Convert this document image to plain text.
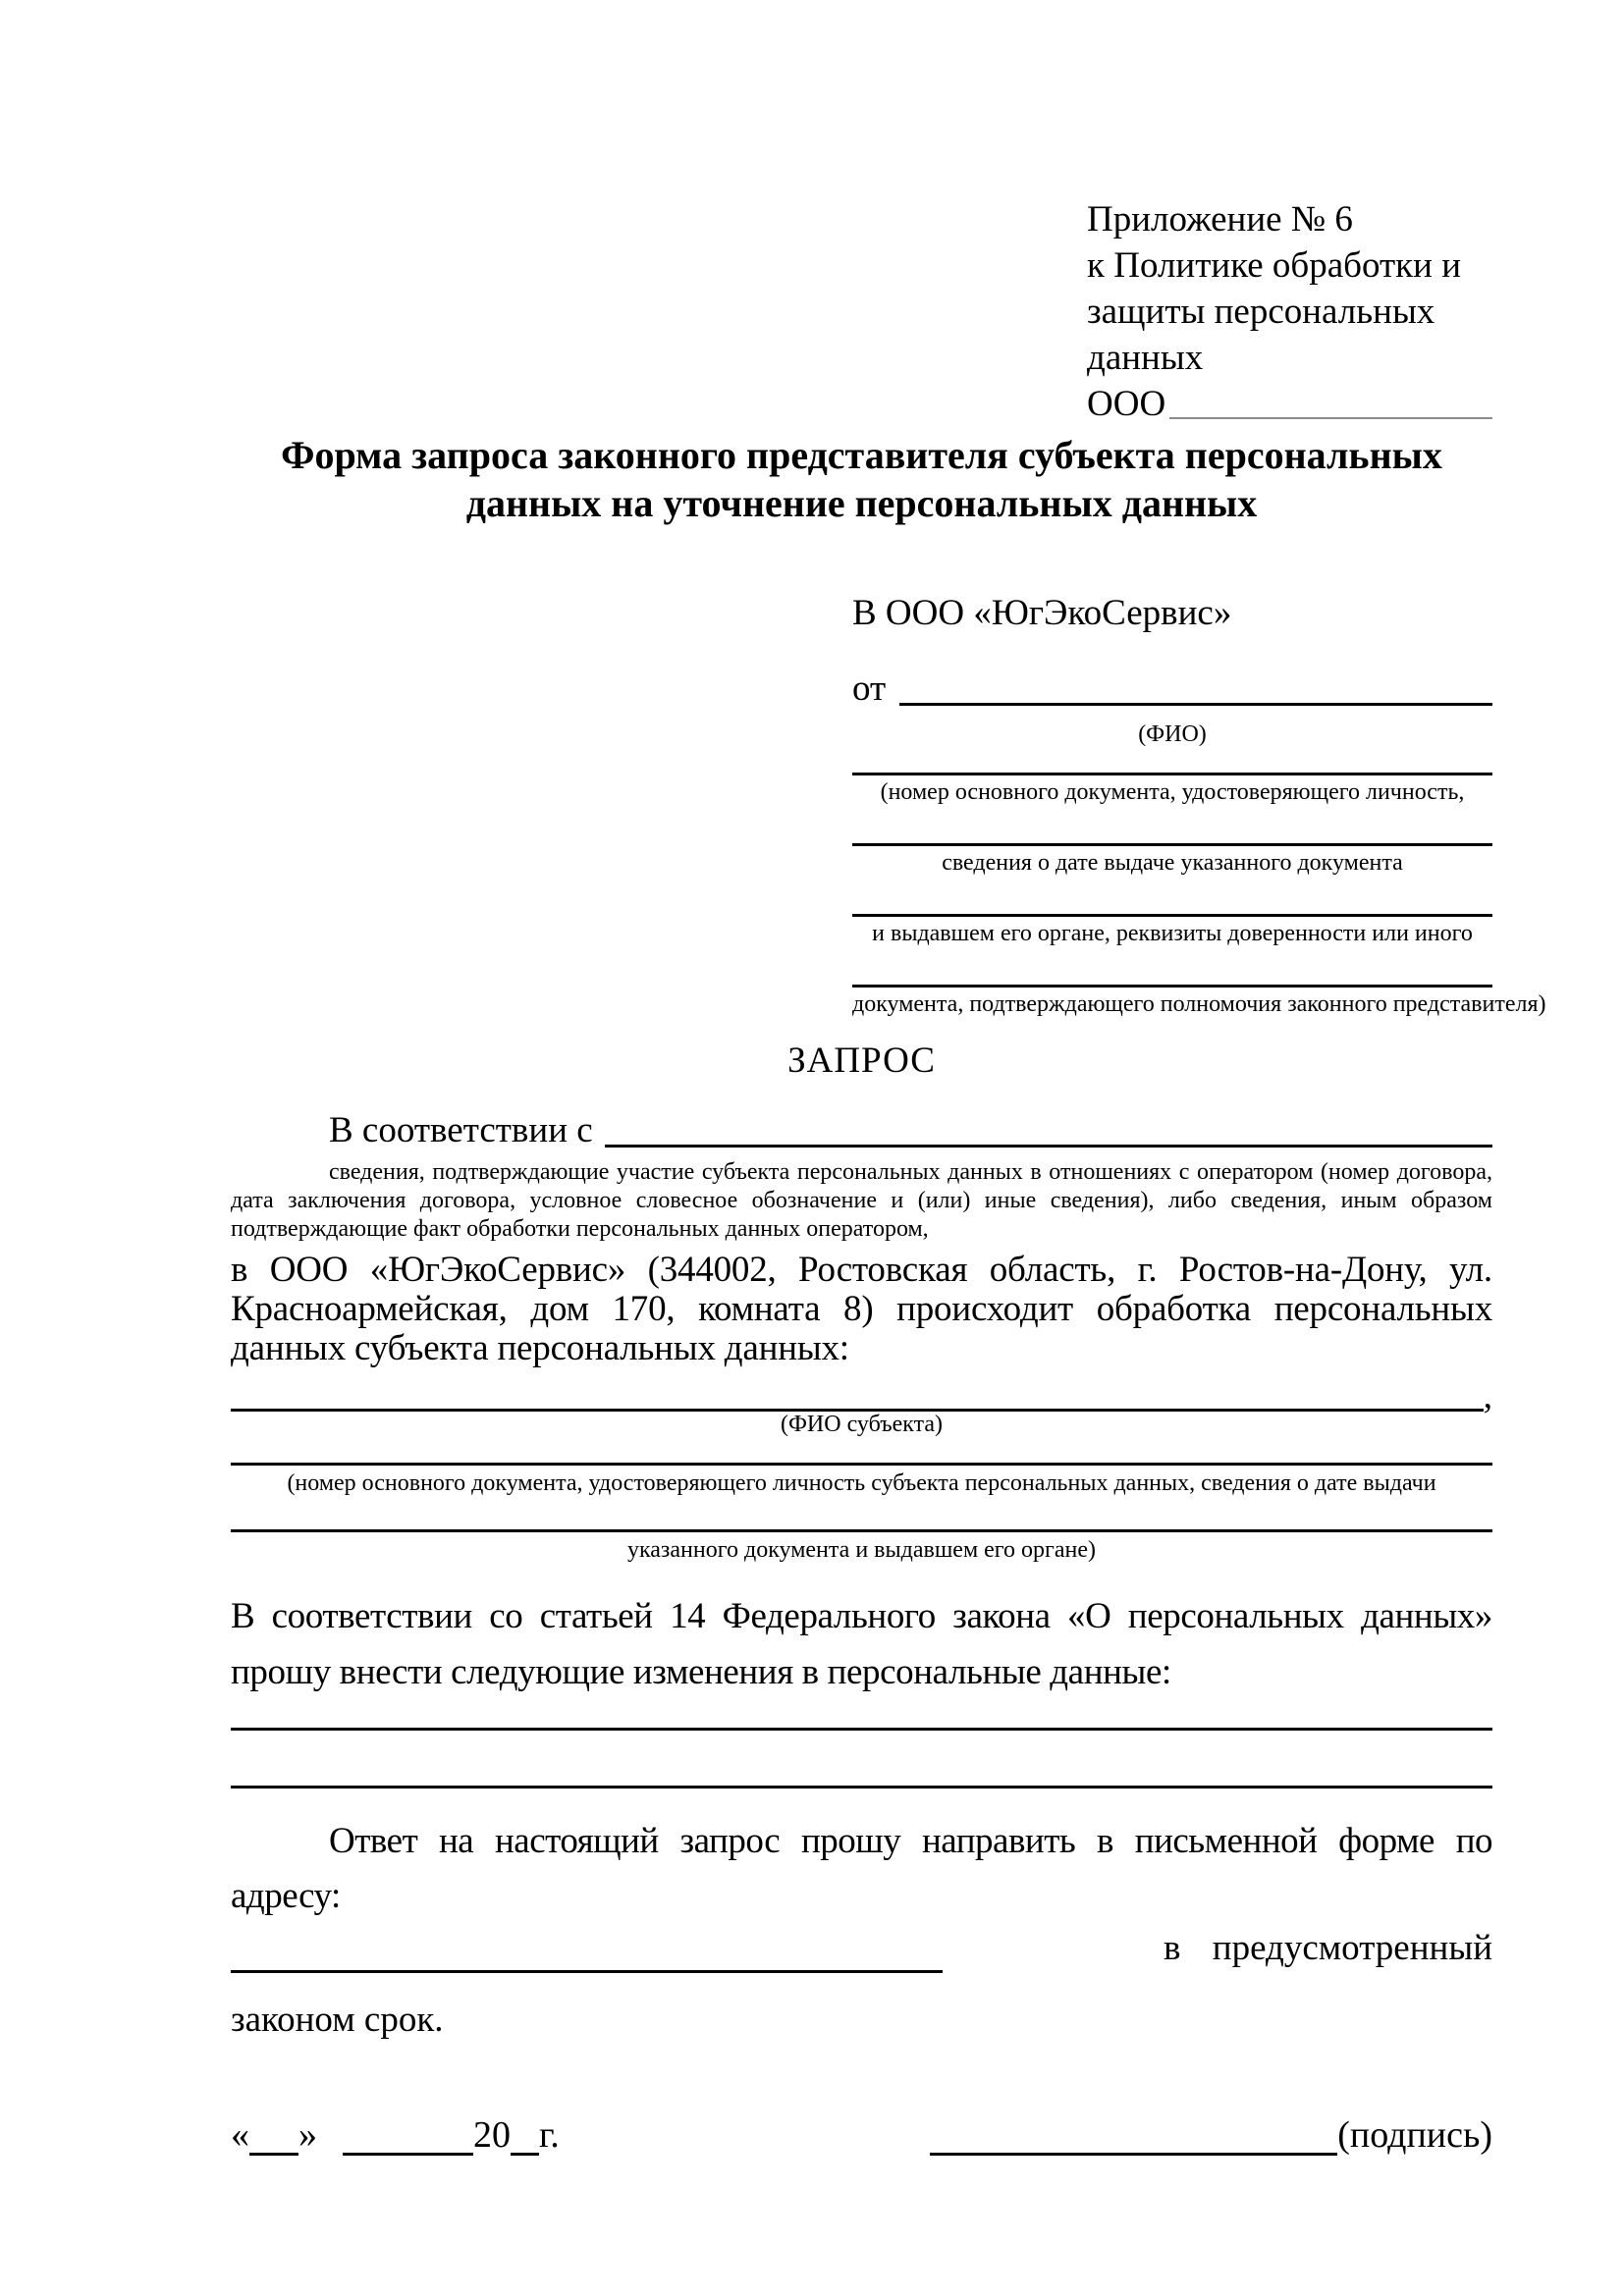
Приложение № 6
к Политике обработки и
защиты персональных данных
ООО
Форма запроса законного представителя субъекта персональных
данных на уточнение персональных данных
В ООО «ЮгЭкоСервис»
от
(ФИО)
(номер основного документа, удостоверяющего личность,
сведения о дате выдаче указанного документа
и выдавшем его органе, реквизиты доверенности или иного
документа, подтверждающего полномочия законного представителя)
ЗАПРОС
В соответствии с
сведения, подтверждающие участие субъекта персональных данных в отношениях с оператором (номер договора, дата заключения договора, условное словесное обозначение и (или) иные сведения), либо сведения, иным образом подтверждающие факт обработки персональных данных оператором,
в ООО «ЮгЭкоСервис» (344002, Ростовская область, г. Ростов-на-Дону, ул. Красноармейская, дом 170, комната 8) происходит обработка персональных данных субъекта персональных данных:
,
(ФИО субъекта)
(номер основного документа, удостоверяющего личность субъекта персональных данных, сведения о дате выдачи
указанного документа и выдавшем его органе)
В соответствии со статьей 14 Федерального закона «О персональных данных» прошу внести следующие изменения в персональные данные:
Ответ на настоящий запрос прошу направить в письменной форме по адресу:
в предусмотренный
законом срок.
« »	20 г.	(подпись)
